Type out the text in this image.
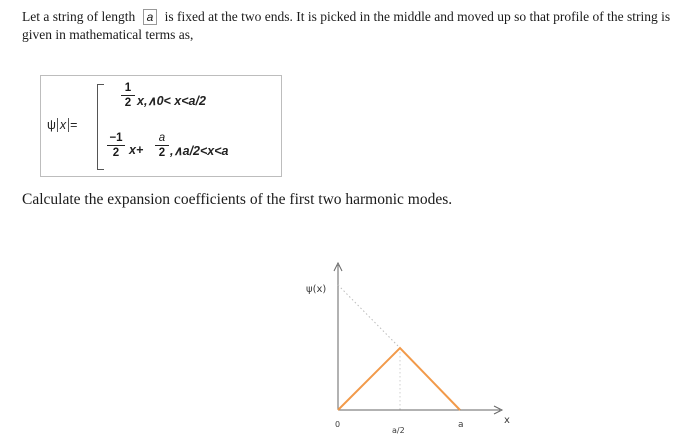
Let a string of length a is fixed at the two ends. It is picked in the middle and moved up so that profile of the string is given in mathematical terms as,
ψ x =
$\frac{1}{2}$ x,∧0< x<a/2
$\frac{-1}{2} x+ \frac{a}{2}$ ,∧a/2<x<a
Calculate the expansion coefficients of the first two harmonic modes.
ψ(x)
x
0
a/2
a
